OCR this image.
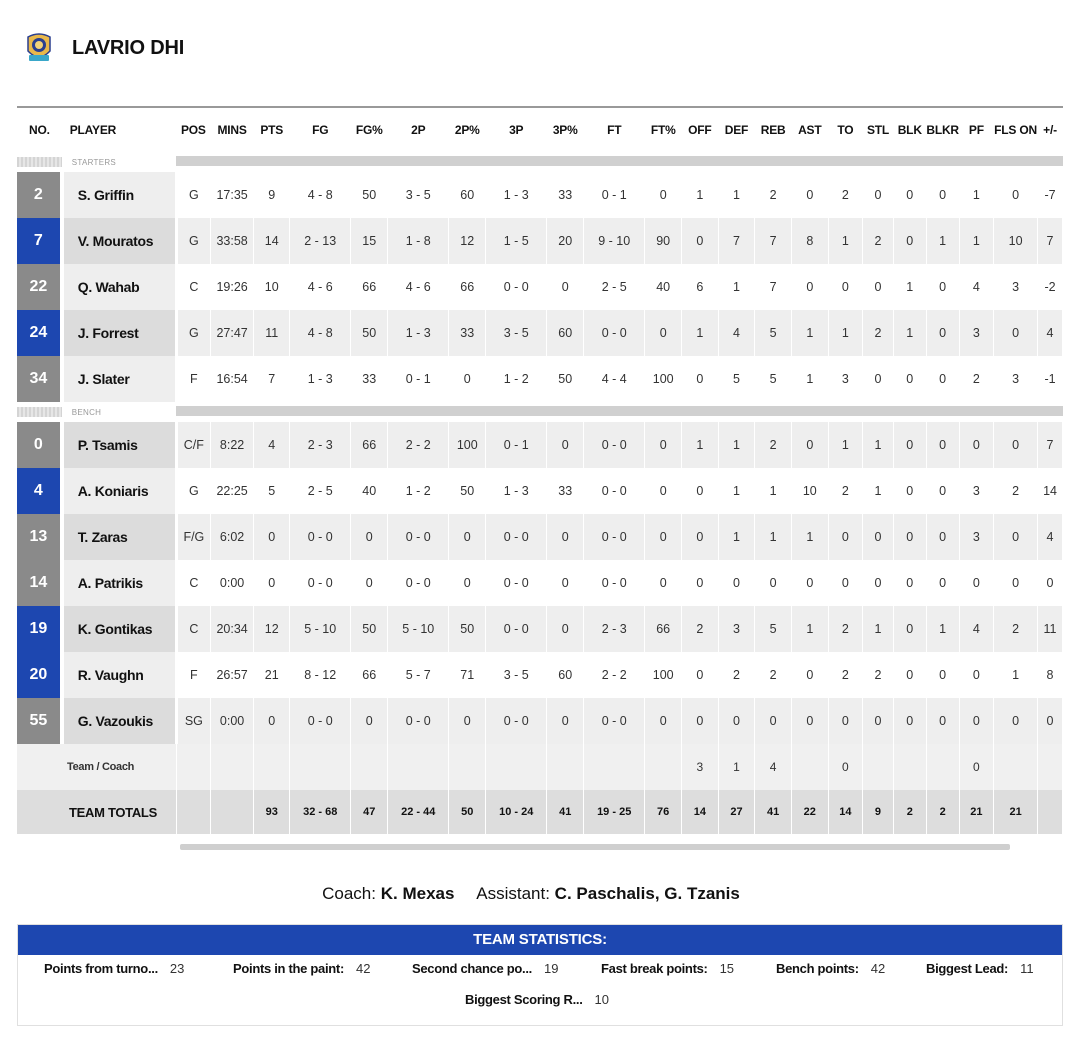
LAVRIO DHI
NO.	PLAYER	POS	MINS	PTS	FG	FG%	2P	2P%	3P	3P%	FT	FT%	OFF	DEF	REB	AST	TO	STL	BLK	BLKR	PF	FLS ON	+/-
	STARTERS																						
2	S. Griffin	G	17:35	9	4 - 8	50	3 - 5	60	1 - 3	33	0 - 1	0	1	1	2	0	2	0	0	0	1	0	-7
7	V. Mouratos	G	33:58	14	2 - 13	15	1 - 8	12	1 - 5	20	9 - 10	90	0	7	7	8	1	2	0	1	1	10	7
22	Q. Wahab	C	19:26	10	4 - 6	66	4 - 6	66	0 - 0	0	2 - 5	40	6	1	7	0	0	0	1	0	4	3	-2
24	J. Forrest	G	27:47	11	4 - 8	50	1 - 3	33	3 - 5	60	0 - 0	0	1	4	5	1	1	2	1	0	3	0	4
34	J. Slater	F	16:54	7	1 - 3	33	0 - 1	0	1 - 2	50	4 - 4	100	0	5	5	1	3	0	0	0	2	3	-1
	BENCH																						
0	P. Tsamis	C/F	8:22	4	2 - 3	66	2 - 2	100	0 - 1	0	0 - 0	0	1	1	2	0	1	1	0	0	0	0	7
4	A. Koniaris	G	22:25	5	2 - 5	40	1 - 2	50	1 - 3	33	0 - 0	0	0	1	1	10	2	1	0	0	3	2	14
13	T. Zaras	F/G	6:02	0	0 - 0	0	0 - 0	0	0 - 0	0	0 - 0	0	0	1	1	1	0	0	0	0	3	0	4
14	A. Patrikis	C	0:00	0	0 - 0	0	0 - 0	0	0 - 0	0	0 - 0	0	0	0	0	0	0	0	0	0	0	0	0
19	K. Gontikas	C	20:34	12	5 - 10	50	5 - 10	50	0 - 0	0	2 - 3	66	2	3	5	1	2	1	0	1	4	2	11
20	R. Vaughn	F	26:57	21	8 - 12	66	5 - 7	71	3 - 5	60	2 - 2	100	0	2	2	0	2	2	0	0	0	1	8
55	G. Vazoukis	SG	0:00	0	0 - 0	0	0 - 0	0	0 - 0	0	0 - 0	0	0	0	0	0	0	0	0	0	0	0	0
Team / Coach													3	1	4		0				0		
TEAM TOTALS				93	32 - 68	47	22 - 44	50	10 - 24	41	19 - 25	76	14	27	41	22	14	9	2	2	21	21	
Coach: K. Mexas Assistant: C. Paschalis, G. Tzanis
TEAM STATISTICS:
Points from turno... 23	Points in the paint: 42	Second chance po... 19	Fast break points: 15	Bench points: 42	Biggest Lead: 11
Biggest Scoring R... 10
